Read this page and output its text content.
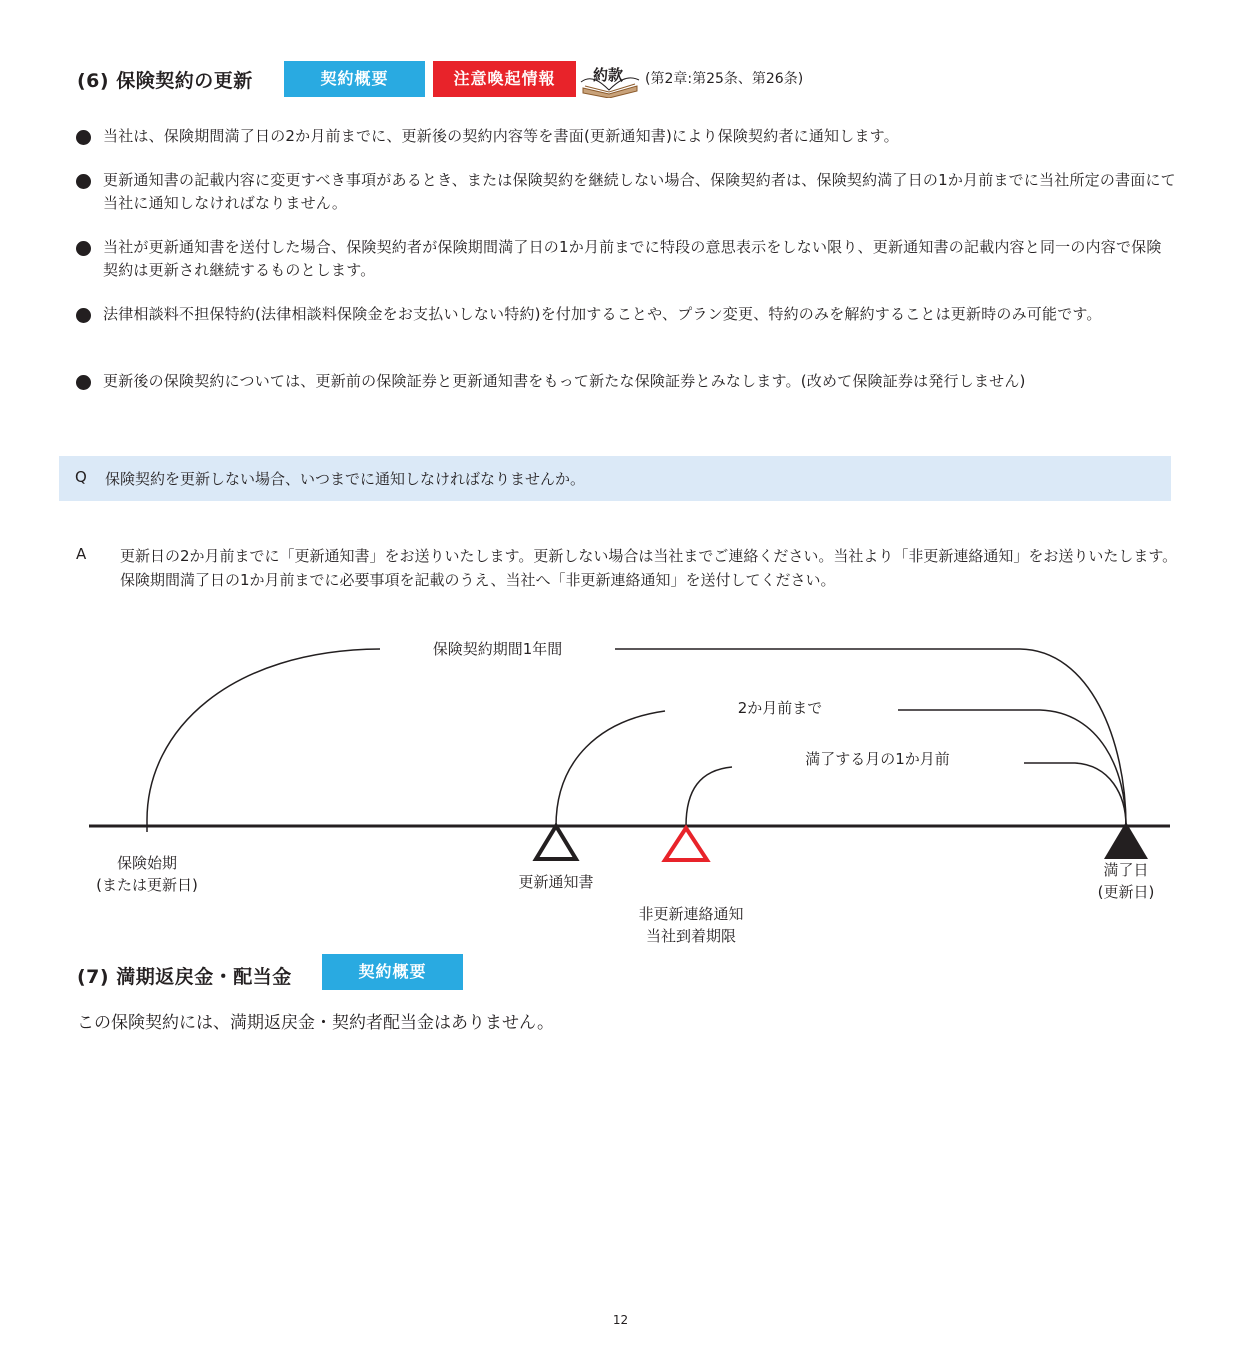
(6) 保険契約の更新	契約概要	注意喚起情報	約款 (第2章:第25条、第26条)
当社は、保険期間満了日の2か月前までに、更新後の契約内容等を書面(更新通知書)により保険契約者に通知します。
更新通知書の記載内容に変更すべき事項があるとき、または保険契約を継続しない場合、保険契約者は、保険契約満了日の1か月前までに当社所定の書面にて当社に通知しなければなりません。
当社が更新通知書を送付した場合、保険契約者が保険期間満了日の1か月前までに特段の意思表示をしない限り、更新通知書の記載内容と同一の内容で保険契約は更新され継続するものとします。
法律相談料不担保特約(法律相談料保険金をお支払いしない特約)を付加することや、プラン変更、特約のみを解約することは更新時のみ可能です。
更新後の保険契約については、更新前の保険証券と更新通知書をもって新たな保険証券とみなします。(改めて保険証券は発行しません)
Q 保険契約を更新しない場合、いつまでに通知しなければなりませんか。
A 更新日の2か月前までに「更新通知書」をお送りいたします。更新しない場合は当社までご連絡ください。当社より「非更新連絡通知」をお送りいたします。保険期間満了日の1か月前までに必要事項を記載のうえ、当社へ「非更新連絡通知」を送付してください。
保険契約期間1年間
2か月前まで
満了する月の1か月前
保険始期
(または更新日)	更新通知書
非更新連絡通知
当社到着期限
満了日
(更新日)
(7) 満期返戻金・配当金	契約概要
この保険契約には、満期返戻金・契約者配当金はありません。
12
